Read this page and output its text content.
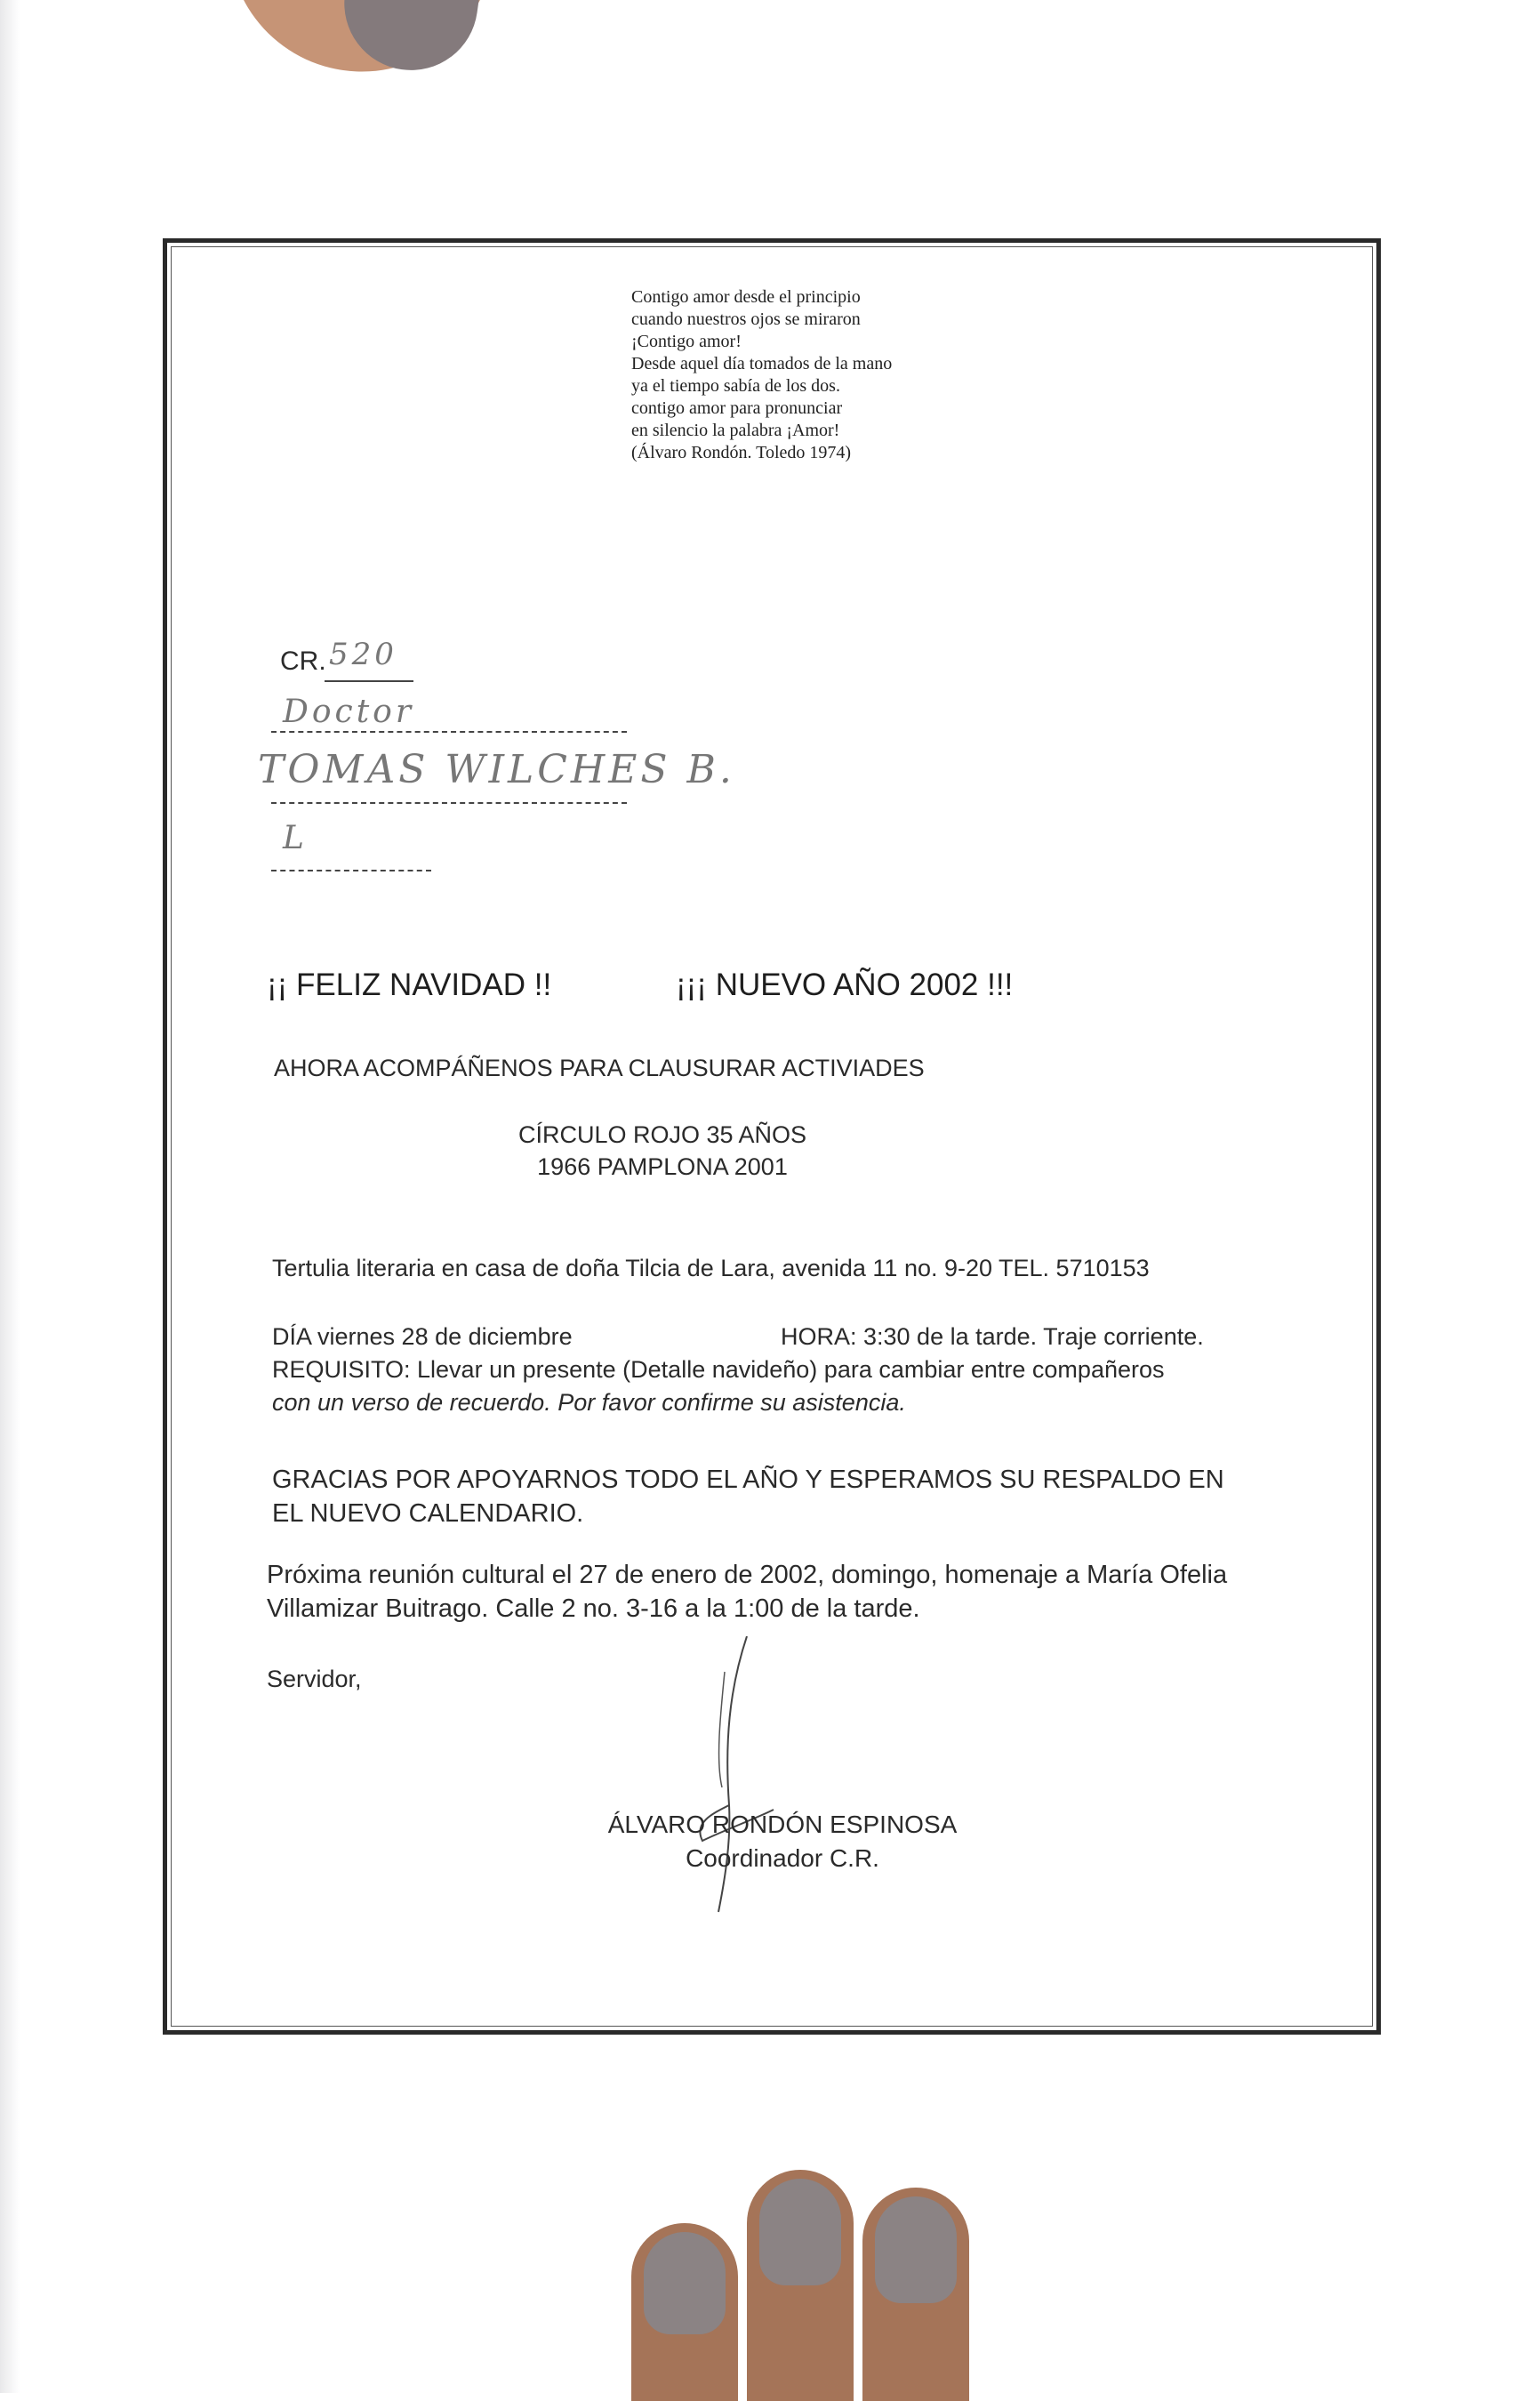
Contigo amor desde el principio
cuando nuestros ojos se miraron
¡Contigo amor!
Desde aquel día tomados de la mano
ya el tiempo sabía de los dos.
contigo amor para pronunciar
en silencio la palabra ¡Amor!
(Álvaro Rondón. Toledo 1974)
CR. 520
Doctor
TOMAS WILCHES B.
L
¡¡ FELIZ NAVIDAD !!	¡¡¡ NUEVO AÑO 2002 !!!
AHORA ACOMPÁÑENOS PARA CLAUSURAR ACTIVIADES
CÍRCULO ROJO 35 AÑOS
1966 PAMPLONA 2001
Tertulia literaria en casa de doña Tilcia de Lara, avenida 11 no. 9-20 TEL. 5710153
DÍA viernes 28 de diciembre	HORA: 3:30 de la tarde. Traje corriente.
REQUISITO: Llevar un presente (Detalle navideño) para cambiar entre compañeros
con un verso de recuerdo. Por favor confirme su asistencia.
GRACIAS POR APOYARNOS TODO EL AÑO Y ESPERAMOS SU RESPALDO EN
EL NUEVO CALENDARIO.
Próxima reunión cultural el 27 de enero de 2002, domingo, homenaje a María Ofelia
Villamizar Buitrago. Calle 2 no. 3-16 a la 1:00 de la tarde.
Servidor,
ÁLVARO RONDÓN ESPINOSA
Coordinador C.R.
